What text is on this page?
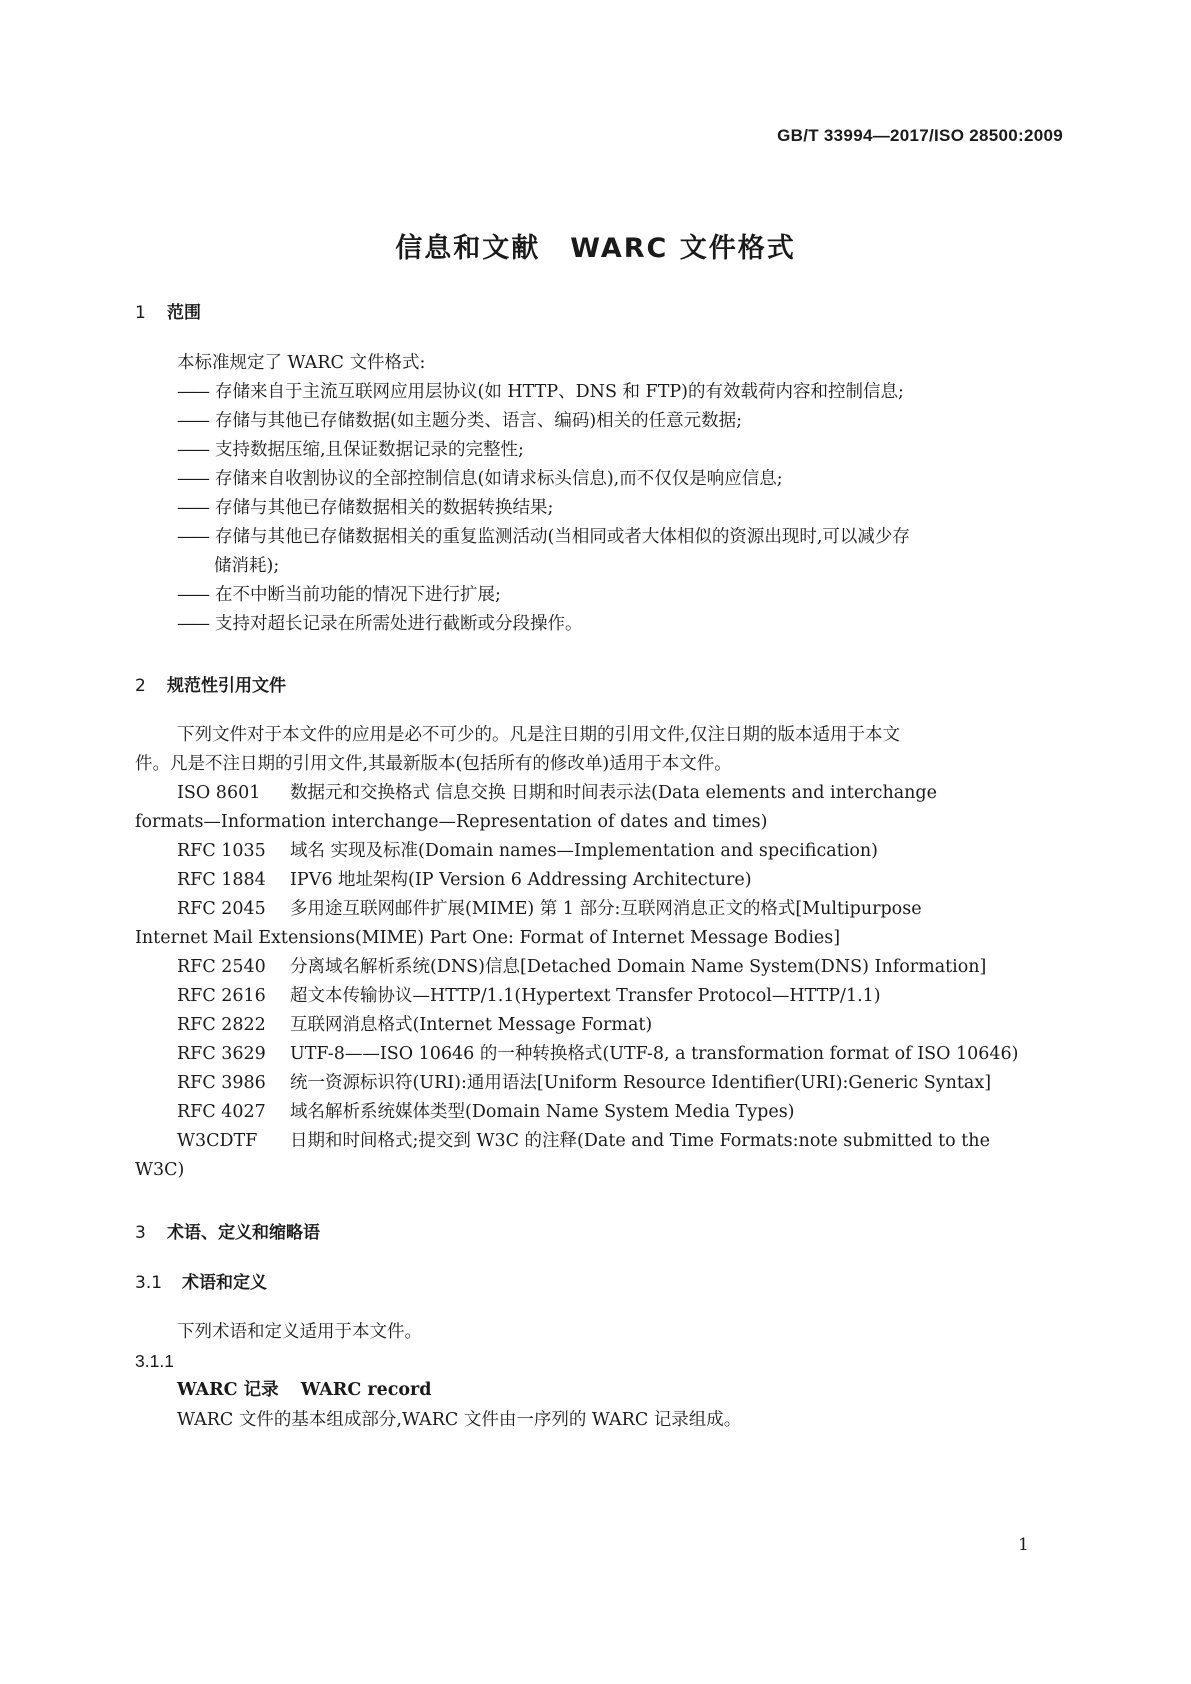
GB/T 33994—2017/ISO 28500:2009
信息和文献 WARC 文件格式
1 范围
本标准规定了 WARC 文件格式:
—— 存储来自于主流互联网应用层协议(如 HTTP、DNS 和 FTP)的有效载荷内容和控制信息;
—— 存储与其他已存储数据(如主题分类、语言、编码)相关的任意元数据;
—— 支持数据压缩,且保证数据记录的完整性;
—— 存储来自收割协议的全部控制信息(如请求标头信息),而不仅仅是响应信息;
—— 存储与其他已存储数据相关的数据转换结果;
—— 存储与其他已存储数据相关的重复监测活动(当相同或者大体相似的资源出现时,可以减少存
储消耗);
—— 在不中断当前功能的情况下进行扩展;
—— 支持对超长记录在所需处进行截断或分段操作。
2 规范性引用文件
下列文件对于本文件的应用是必不可少的。凡是注日期的引用文件,仅注日期的版本适用于本文
件。凡是不注日期的引用文件,其最新版本(包括所有的修改单)适用于本文件。
ISO 8601 数据元和交换格式 信息交换 日期和时间表示法(Data elements and interchange
formats—Information interchange—Representation of dates and times)
RFC 1035 域名 实现及标准(Domain names—Implementation and specification)
RFC 1884 IPV6 地址架构(IP Version 6 Addressing Architecture)
RFC 2045 多用途互联网邮件扩展(MIME) 第 1 部分:互联网消息正文的格式[Multipurpose
Internet Mail Extensions(MIME) Part One: Format of Internet Message Bodies]
RFC 2540 分离域名解析系统(DNS)信息[Detached Domain Name System(DNS) Information]
RFC 2616 超文本传输协议—HTTP/1.1(Hypertext Transfer Protocol—HTTP/1.1)
RFC 2822 互联网消息格式(Internet Message Format)
RFC 3629 UTF-8——ISO 10646 的一种转换格式(UTF-8, a transformation format of ISO 10646)
RFC 3986 统一资源标识符(URI):通用语法[Uniform Resource Identifier(URI):Generic Syntax]
RFC 4027 域名解析系统媒体类型(Domain Name System Media Types)
W3CDTF 日期和时间格式;提交到 W3C 的注释(Date and Time Formats:note submitted to the
W3C)
3 术语、定义和缩略语
3.1 术语和定义
下列术语和定义适用于本文件。
3.1.1
WARC 记录 WARC record
WARC 文件的基本组成部分,WARC 文件由一序列的 WARC 记录组成。
1
